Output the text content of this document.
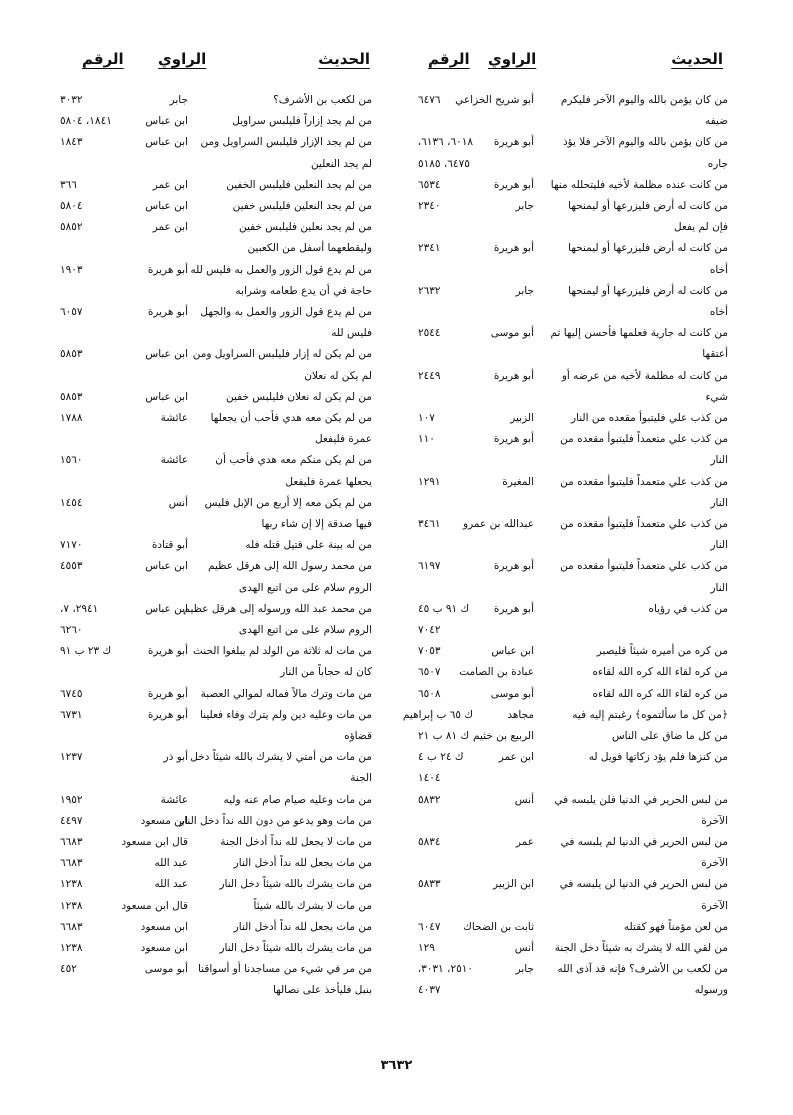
الحديث
الراوي
الرقم
الحديث
الراوي
الرقم
من كان يؤمن بالله واليوم الآخر فليكرم
أبو شريح الخزاعي
٦٤٧٦
ضيفه
من كان يؤمن بالله واليوم الآخر فلا يؤذ
أبو هريرة
٦٠١٨، ٦١٣٦،
جاره
٦٤٧٥، ٥١٨٥
من كانت عنده مظلمة لأخيه فليتحلله منها
أبو هريرة
٦٥٣٤
من كانت له أرض فليزرعها أو ليمنحها
جابر
٢٣٤٠
فإن لم يفعل
من كانت له أرض فليزرعها أو ليمنحها
أبو هريرة
٢٣٤١
أخاه
من كانت له أرض فليزرعها أو ليمنحها
جابر
٢٦٣٢
أخاه
من كانت له جارية فعلمها فأحسن إليها ثم
أبو موسى
٢٥٤٤
أعتقها
من كانت له مظلمة لأخيه من عرضه أو
أبو هريرة
٢٤٤٩
شيء
من كذب علي فليتبوأ مقعده من النار
الزبير
١٠٧
من كذب علي متعمداً فليتبوأ مقعده من
أبو هريرة
١١٠
النار
من كذب علي متعمداً فليتبوأ مقعده من
المغيرة
١٢٩١
النار
من كذب علي متعمداً فليتبوأ مقعده من
عبدالله بن عمرو
٣٤٦١
النار
من كذب علي متعمداً فليتبوأ مقعده من
أبو هريرة
٦١٩٧
النار
من كذب في رؤياه
أبو هريرة
ك ٩١ ب ٤٥
٧٠٤٢
من كره من أميره شيئاً فليصبر
ابن عباس
٧٠٥٣
من كره لقاء الله كره الله لقاءه
عبادة بن الصامت
٦٥٠٧
من كره لقاء الله كره الله لقاءه
أبو موسى
٦٥٠٨
﴿من كل ما سألتموه﴾ رغبتم إليه فيه
مجاهد
ك ٦٥ ب إبراهيم
من كل ما ضاق على الناس
الربيع بن خثيم
ك ٨١ ب ٢١
من كنزها فلم يؤد زكاتها فويل له
ابن عمر
ك ٢٤ ب ٤
١٤٠٤
من لبس الحرير في الدنيا فلن يلبسه في
أنس
٥٨٣٢
الآخرة
من لبس الحرير في الدنيا لم يلبسه في
عمر
٥٨٣٤
الآخرة
من لبس الحرير في الدنيا لن يلبسه في
ابن الزبير
٥٨٣٣
الآخرة
من لعن مؤمناً فهو كقتله
ثابت بن الضحاك
٦٠٤٧
من لقي الله لا يشرك به شيئاً دخل الجنة
أنس
١٢٩
من لكعب بن الأشرف؟ فإنه قد آذى الله
جابر
٢٥١٠، ٣٠٣١،
ورسوله
٤٠٣٧
من لكعب بن الأشرف؟
جابر
٣٠٣٢
من لم يجد إزاراً فليلبس سراويل
ابن عباس
١٨٤١، ٥٨٠٤
من لم يجد الإزار فليلبس السراويل ومن
ابن عباس
١٨٤٣
لم يجد النعلين
من لم يجد النعلين فليلبس الخفين
ابن عمر
٣٦٦
من لم يجد النعلين فليلبس خفين
ابن عباس
٥٨٠٤
من لم يجد نعلين فليلبس خفين
ابن عمر
٥٨٥٢
وليقطعهما أسفل من الكعبين
من لم يدع قول الزور والعمل به فليس لله
أبو هريرة
١٩٠٣
حاجة في أن يدع طعامه وشرابه
من لم يدع قول الزور والعمل به والجهل
أبو هريرة
٦٠٥٧
فليس لله
من لم يكن له إزار فليلبس السراويل ومن
ابن عباس
٥٨٥٣
لم يكن له نعلان
من لم يكن له نعلان فليلبس خفين
ابن عباس
٥٨٥٣
من لم يكن معه هدي فأحب أن يجعلها
عائشة
١٧٨٨
عمرة فليفعل
من لم يكن منكم معه هدي فأحب أن
عائشة
١٥٦٠
يجعلها عمرة فليفعل
من لم يكن معه إلا أربع من الإبل فليس
أنس
١٤٥٤
فيها صدقة إلا إن شاء ربها
من له بينة على قتيل قتله فله
أبو قتادة
٧١٧٠
من محمد رسول الله إلى هرقل عظيم
ابن عباس
٤٥٥٣
الروم سلام على من اتبع الهدى
من محمد عبد الله ورسوله إلى هرقل عظيم
ابن عباس
٢٩٤١، ٧،
الروم سلام على من اتبع الهدى
٦٢٦٠
من مات له ثلاثة من الولد لم يبلغوا الحنث
أبو هريرة
ك ٢٣ ب ٩١
كان له حجاباً من النار
من مات وترك مالاً فماله لموالي العصبة
أبو هريرة
٦٧٤٥
من مات وعليه دين ولم يترك وفاء فعلينا
أبو هريرة
٦٧٣١
قضاؤه
من مات من أمتي لا يشرك بالله شيئاً دخل
أبو ذر
١٢٣٧
الجنة
من مات وعليه صيام صام عنه وليه
عائشة
١٩٥٢
من مات وهو يدعو من دون الله نداً دخل النار
ابن مسعود
٤٤٩٧
من مات لا يجعل لله نداً أدخل الجنة
قال ابن مسعود
٦٦٨٣
من مات يجعل لله نداً أدخل النار
عبد الله
٦٦٨٣
من مات يشرك بالله شيئاً دخل النار
عبد الله
١٢٣٨
من مات لا يشرك بالله شيئاً
قال ابن مسعود
١٢٣٨
من مات يجعل لله نداً أدخل النار
ابن مسعود
٦٦٨٣
من مات يشرك بالله شيئاً دخل النار
ابن مسعود
١٢٣٨
من مر في شيء من مساجدنا أو أسواقنا
أبو موسى
٤٥٢
بنبل فليأخذ على نصالها
٣٦٣٢
